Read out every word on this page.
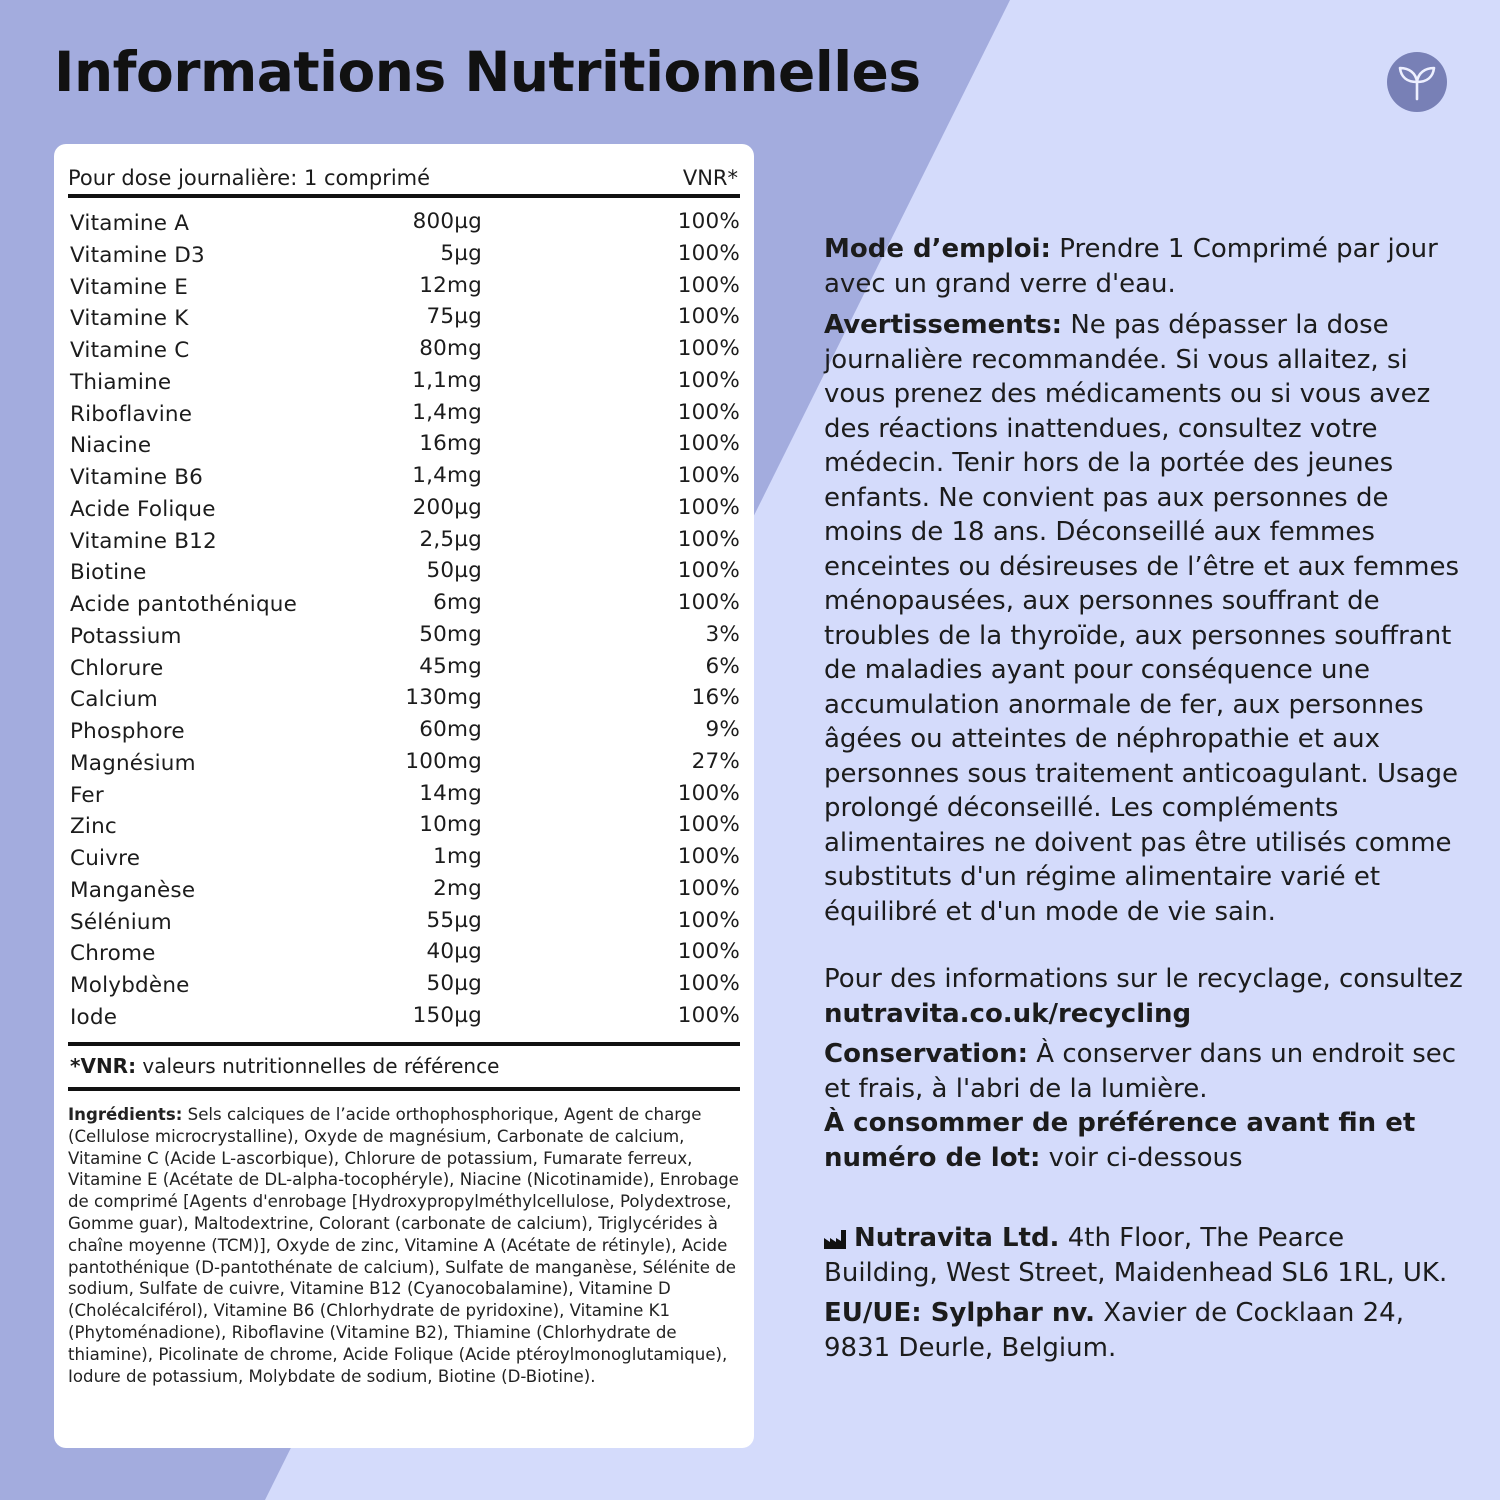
Informations Nutritionnelles
Pour dose journalière: 1 comprimé	VNR*
Vitamine A	800µg	100%
Vitamine D3	5µg	100%
Vitamine E	12mg	100%
Vitamine K	75µg	100%
Vitamine C	80mg	100%
Thiamine	1,1mg	100%
Riboflavine	1,4mg	100%
Niacine	16mg	100%
Vitamine B6	1,4mg	100%
Acide Folique	200µg	100%
Vitamine B12	2,5µg	100%
Biotine	50µg	100%
Acide pantothénique	6mg	100%
Potassium	50mg	3%
Chlorure	45mg	6%
Calcium	130mg	16%
Phosphore	60mg	9%
Magnésium	100mg	27%
Fer	14mg	100%
Zinc	10mg	100%
Cuivre	1mg	100%
Manganèse	2mg	100%
Sélénium	55µg	100%
Chrome	40µg	100%
Molybdène	50µg	100%
Iode	150µg	100%
*VNR: valeurs nutritionnelles de référence
Ingrédients: Sels calciques de l’acide orthophosphorique, Agent de charge (Cellulose microcrystalline), Oxyde de magnésium, Carbonate de calcium, Vitamine C (Acide L-ascorbique), Chlorure de potassium, Fumarate ferreux, Vitamine E (Acétate de DL-alpha-tocophéryle), Niacine (Nicotinamide), Enrobage de comprimé [Agents d'enrobage [Hydroxypropylméthylcellulose, Polydextrose, Gomme guar), Maltodextrine, Colorant (carbonate de calcium), Triglycérides à chaîne moyenne (TCM)], Oxyde de zinc, Vitamine A (Acétate de rétinyle), Acide pantothénique (D-pantothénate de calcium), Sulfate de manganèse, Sélénite de sodium, Sulfate de cuivre, Vitamine B12 (Cyanocobalamine), Vitamine D (Cholécalciférol), Vitamine B6 (Chlorhydrate de pyridoxine), Vitamine K1 (Phytoménadione), Riboflavine (Vitamine B2), Thiamine (Chlorhydrate de thiamine), Picolinate de chrome, Acide Folique (Acide ptéroylmonoglutamique), Iodure de potassium, Molybdate de sodium, Biotine (D-Biotine).

Mode d’emploi: Prendre 1 Comprimé par jour avec un grand verre d'eau.

Avertissements: Ne pas dépasser la dose journalière recommandée. Si vous allaitez, si vous prenez des médicaments ou si vous avez des réactions inattendues, consultez votre médecin. Tenir hors de la portée des jeunes enfants. Ne convient pas aux personnes de moins de 18 ans. Déconseillé aux femmes enceintes ou désireuses de l’être et aux femmes ménopausées, aux personnes souffrant de troubles de la thyroïde, aux personnes souffrant de maladies ayant pour conséquence une accumulation anormale de fer, aux personnes âgées ou atteintes de néphropathie et aux personnes sous traitement anticoagulant. Usage prolongé déconseillé. Les compléments alimentaires ne doivent pas être utilisés comme substituts d'un régime alimentaire varié et équilibré et d'un mode de vie sain.

Pour des informations sur le recyclage, consultez nutravita.co.uk/recycling

Conservation: À conserver dans un endroit sec et frais, à l'abri de la lumière.

À consommer de préférence avant fin et numéro de lot: voir ci-dessous

Nutravita Ltd. 4th Floor, The Pearce Building, West Street, Maidenhead SL6 1RL, UK.

EU/UE: Sylphar nv. Xavier de Cocklaan 24, 9831 Deurle, Belgium.
